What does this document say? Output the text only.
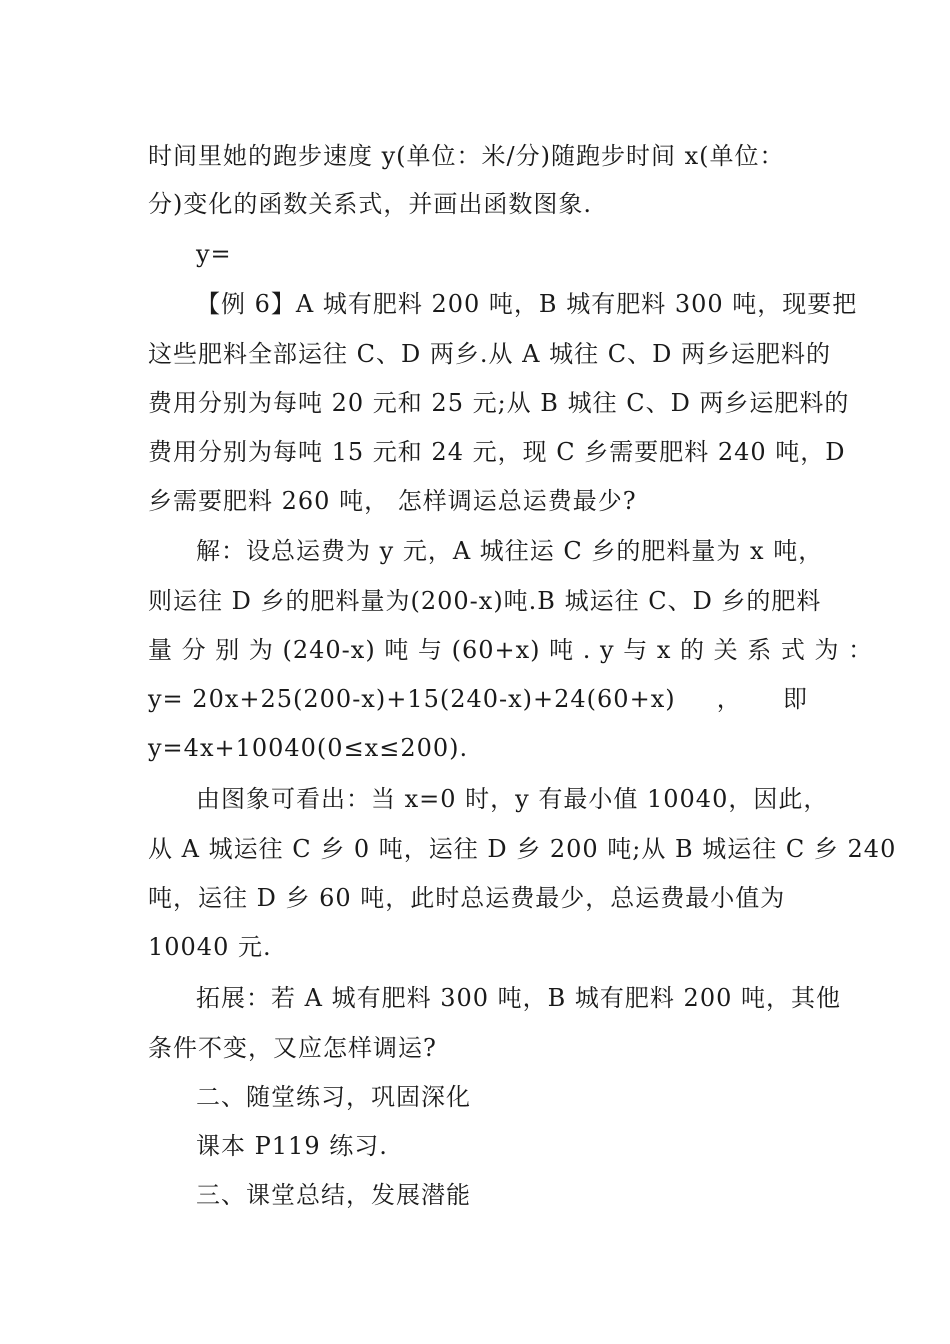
时间里她的跑步速度 y(单位：米/分)随跑步时间 x(单位：
分)变化的函数关系式，并画出函数图象.
y=
【例 6】A 城有肥料 200 吨，B 城有肥料 300 吨，现要把
这些肥料全部运往 C、D 两乡.从 A 城往 C、D 两乡运肥料的
费用分别为每吨 20 元和 25 元;从 B 城往 C、D 两乡运肥料的
费用分别为每吨 15 元和 24 元，现 C 乡需要肥料 240 吨，D
乡需要肥料 260 吨， 怎样调运总运费最少?
解：设总运费为 y 元，A 城往运 C 乡的肥料量为 x 吨，
则运往 D 乡的肥料量为(200-x)吨.B 城运往 C、D 乡的肥料
量 分 别 为 (240-x) 吨 与 (60+x) 吨 . y 与 x 的 关 系 式 为 ：
y= 20x+25(200-x)+15(240-x)+24(60+x) ， 即
y=4x+10040(0≤x≤200).
由图象可看出：当 x=0 时，y 有最小值 10040，因此，
从 A 城运往 C 乡 0 吨，运往 D 乡 200 吨;从 B 城运往 C 乡 240
吨，运往 D 乡 60 吨，此时总运费最少，总运费最小值为
10040 元.
拓展：若 A 城有肥料 300 吨，B 城有肥料 200 吨，其他
条件不变，又应怎样调运?
二、随堂练习，巩固深化
课本 P119 练习.
三、课堂总结，发展潜能
